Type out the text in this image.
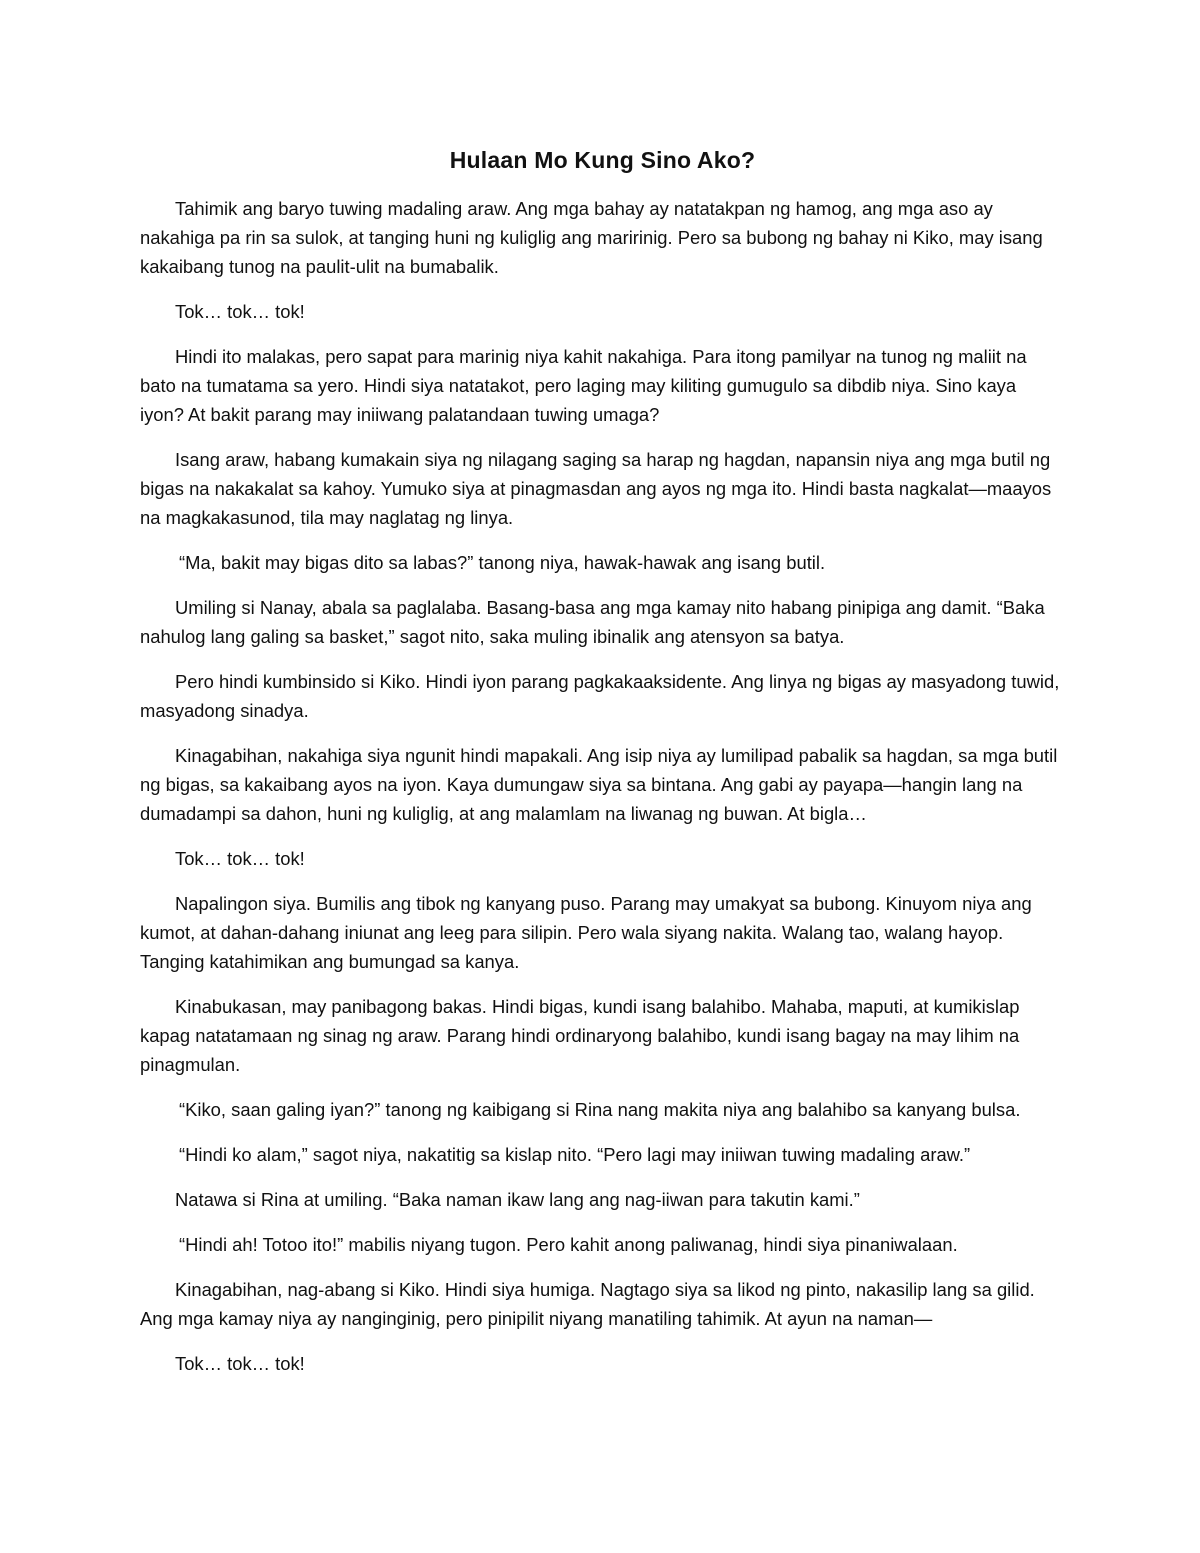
Hulaan Mo Kung Sino Ako?

Tahimik ang baryo tuwing madaling araw. Ang mga bahay ay natatakpan ng hamog, ang mga aso ay nakahiga pa rin sa sulok, at tanging huni ng kuliglig ang maririnig. Pero sa bubong ng bahay ni Kiko, may isang kakaibang tunog na paulit-ulit na bumabalik.

Tok… tok… tok!

Hindi ito malakas, pero sapat para marinig niya kahit nakahiga. Para itong pamilyar na tunog ng maliit na bato na tumatama sa yero. Hindi siya natatakot, pero laging may kiliting gumugulo sa dibdib niya. Sino kaya iyon? At bakit parang may iniiwang palatandaan tuwing umaga?

Isang araw, habang kumakain siya ng nilagang saging sa harap ng hagdan, napansin niya ang mga butil ng bigas na nakakalat sa kahoy. Yumuko siya at pinagmasdan ang ayos ng mga ito. Hindi basta nagkalat—maayos na magkakasunod, tila may naglatag ng linya.

“Ma, bakit may bigas dito sa labas?” tanong niya, hawak-hawak ang isang butil.

Umiling si Nanay, abala sa paglalaba. Basang-basa ang mga kamay nito habang pinipiga ang damit. “Baka nahulog lang galing sa basket,” sagot nito, saka muling ibinalik ang atensyon sa batya.

Pero hindi kumbinsido si Kiko. Hindi iyon parang pagkakaaksidente. Ang linya ng bigas ay masyadong tuwid, masyadong sinadya.

Kinagabihan, nakahiga siya ngunit hindi mapakali. Ang isip niya ay lumilipad pabalik sa hagdan, sa mga butil ng bigas, sa kakaibang ayos na iyon. Kaya dumungaw siya sa bintana. Ang gabi ay payapa—hangin lang na dumadampi sa dahon, huni ng kuliglig, at ang malamlam na liwanag ng buwan. At bigla…

Tok… tok… tok!

Napalingon siya. Bumilis ang tibok ng kanyang puso. Parang may umakyat sa bubong. Kinuyom niya ang kumot, at dahan-dahang iniunat ang leeg para silipin. Pero wala siyang nakita. Walang tao, walang hayop. Tanging katahimikan ang bumungad sa kanya.

Kinabukasan, may panibagong bakas. Hindi bigas, kundi isang balahibo. Mahaba, maputi, at kumikislap kapag natatamaan ng sinag ng araw. Parang hindi ordinaryong balahibo, kundi isang bagay na may lihim na pinagmulan.

“Kiko, saan galing iyan?” tanong ng kaibigang si Rina nang makita niya ang balahibo sa kanyang bulsa.

“Hindi ko alam,” sagot niya, nakatitig sa kislap nito. “Pero lagi may iniiwan tuwing madaling araw.”

Natawa si Rina at umiling. “Baka naman ikaw lang ang nag-iiwan para takutin kami.”

“Hindi ah! Totoo ito!” mabilis niyang tugon. Pero kahit anong paliwanag, hindi siya pinaniwalaan.

Kinagabihan, nag-abang si Kiko. Hindi siya humiga. Nagtago siya sa likod ng pinto, nakasilip lang sa gilid. Ang mga kamay niya ay nanginginig, pero pinipilit niyang manatiling tahimik. At ayun na naman—

Tok… tok… tok!
